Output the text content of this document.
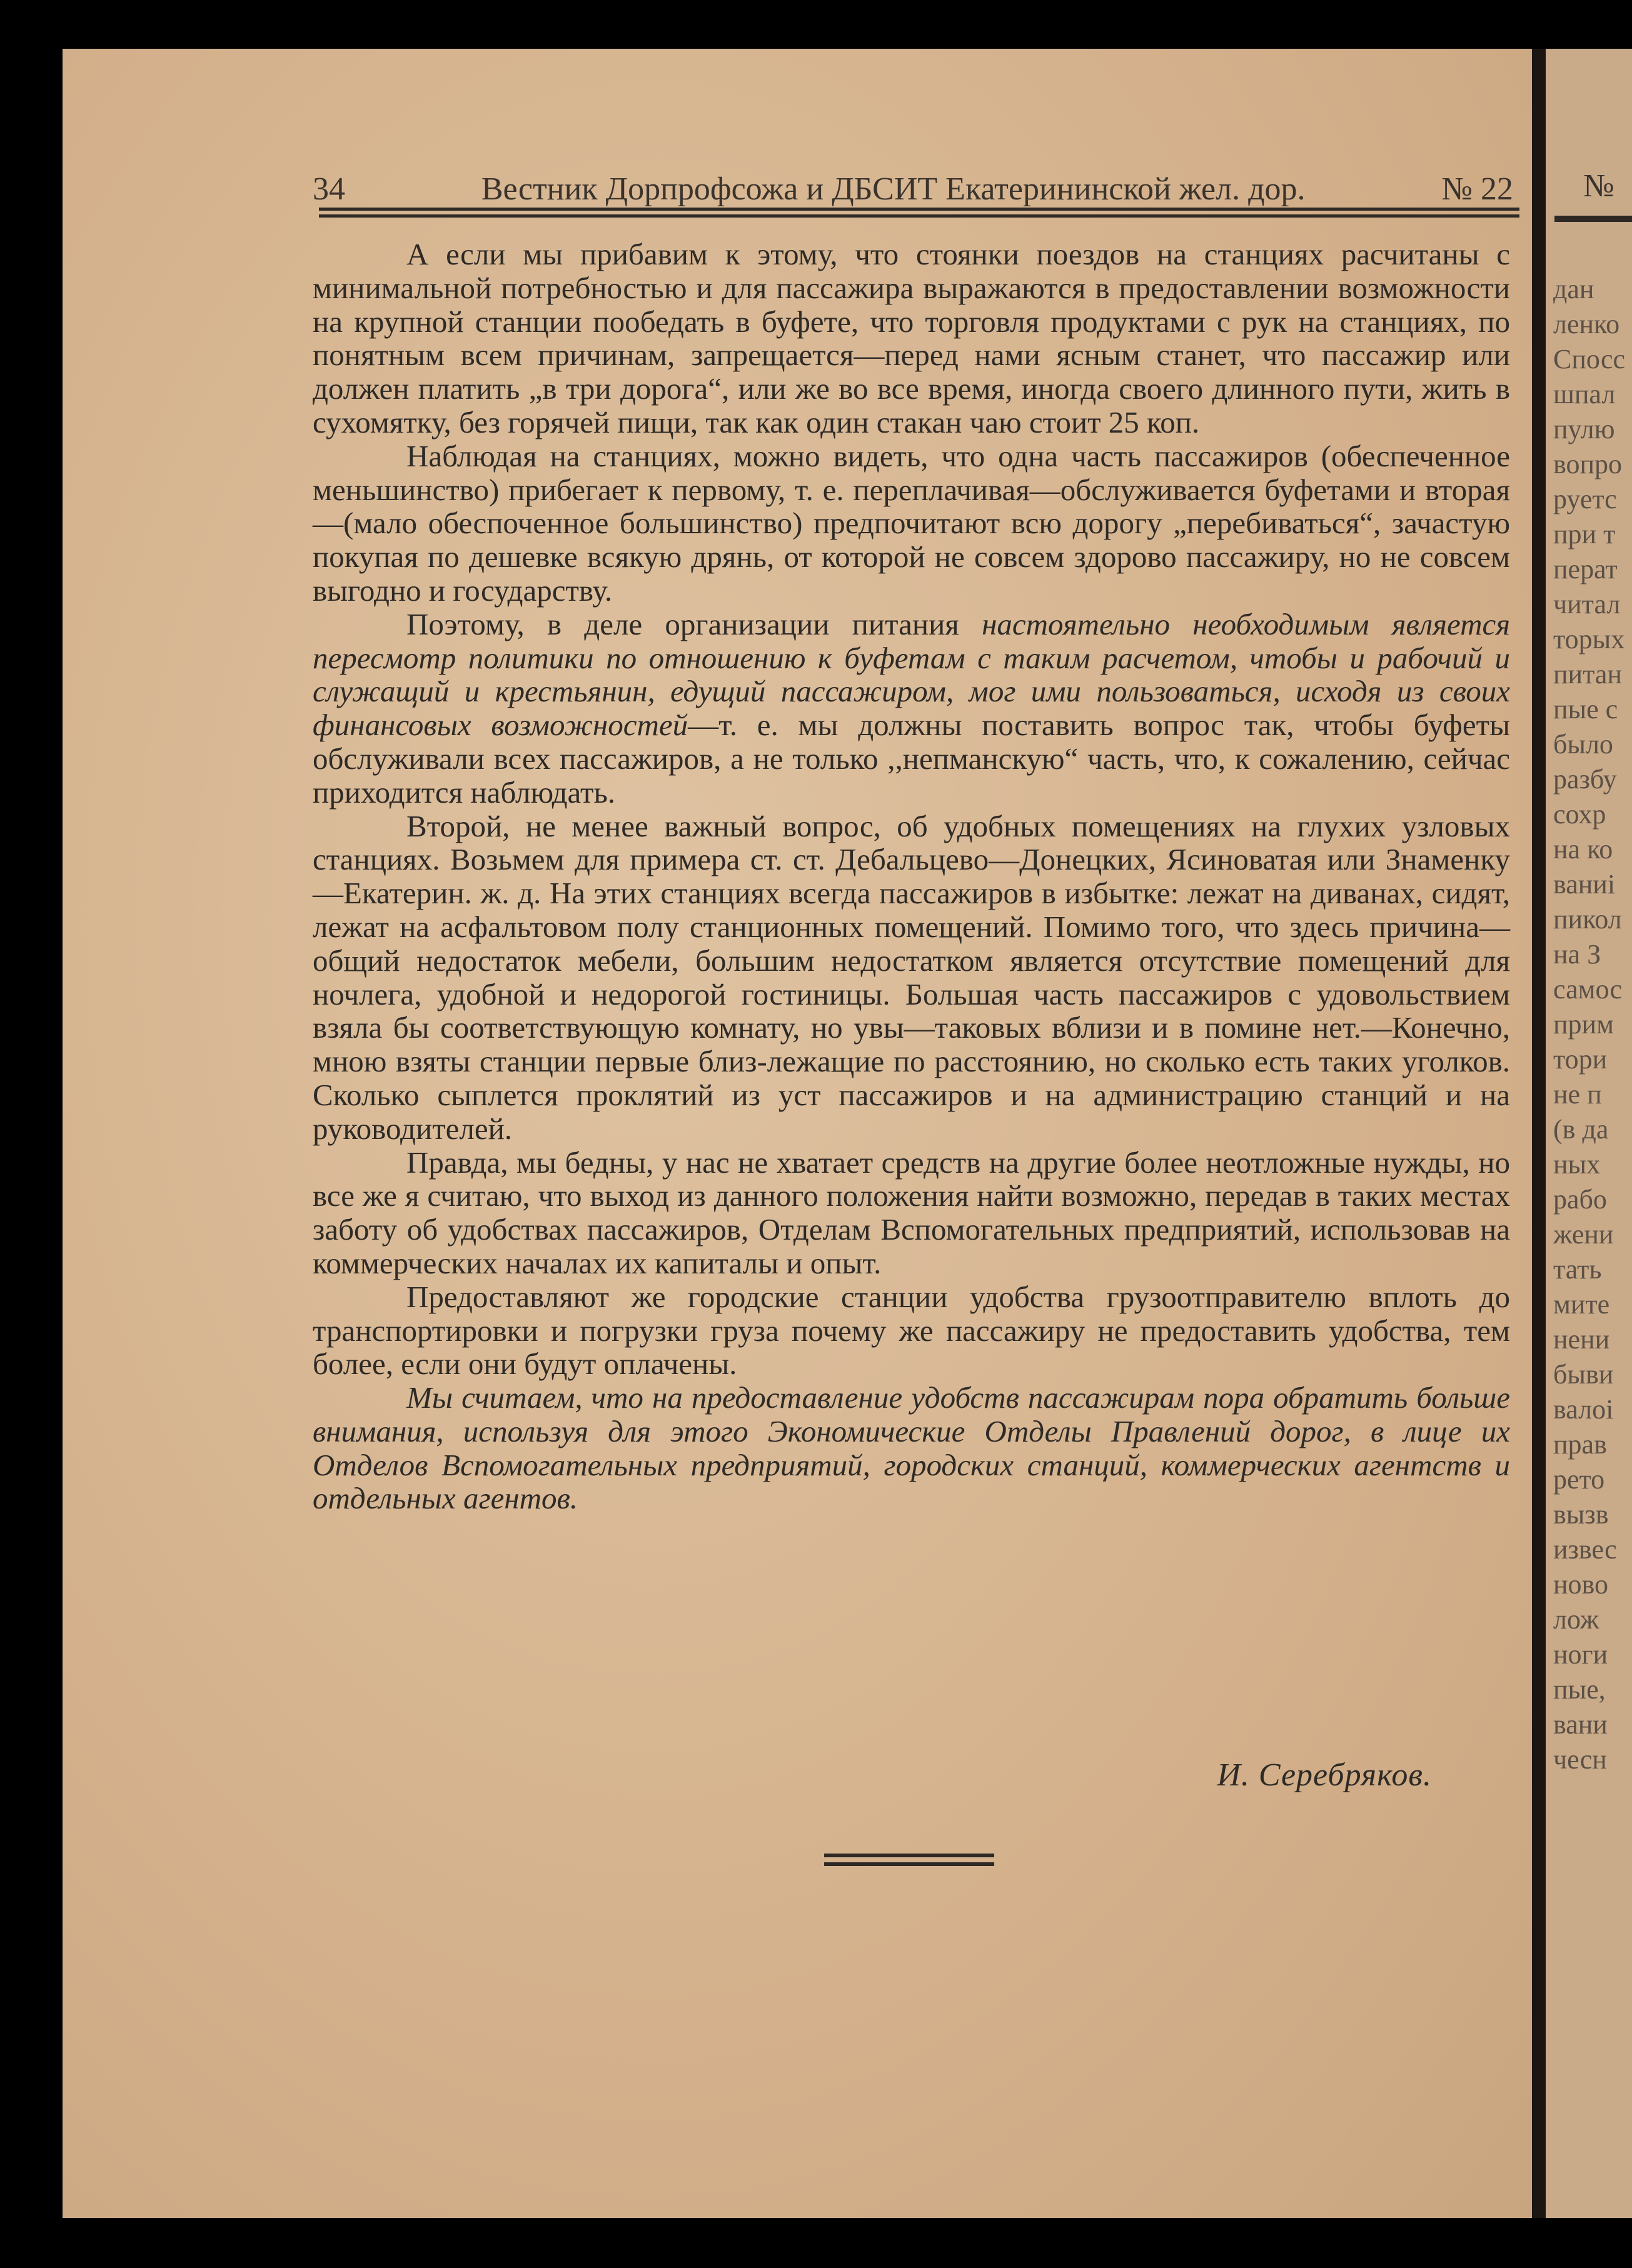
№
дан
ленко
Спосс
шпал
пулю
вопро
руетс
при т
перат
читал
торых
питан
пые с
было
разбу
сохр
на ко
ваниі
пикол
на З
самос
прим
тори
не п
(в да
ных
рабо
жени
тать
мите
нени
быви
валоі
прав
рето
вызв
извес
ново
лож
ноги
пые,
вани
чесн
34	Вестник Дорпрофсожа и ДБСИТ Екатерининской жел. дор.	№ 22

А если мы прибавим к этому, что стоянки поездов на станциях расчитаны с минимальной потребностью и для пассажира выражаются в предоставлении возможности на крупной станции пообедать в буфете, что торговля продуктами с рук на станциях, по понятным всем причинам, запрещается—перед нами ясным станет, что пассажир или должен платить „в три дорога“, или же во все время, иногда своего длинного пути, жить в сухомятку, без горячей пищи, так как один стакан чаю стоит 25 коп.

Наблюдая на станциях, можно видеть, что одна часть пассажиров (обеспеченное меньшинство) прибегает к первому, т. е. переплачивая—обслуживается буфетами и вторая—(мало обеспоченное большинство) предпочитают всю дорогу „перебиваться“, зачастую покупая по дешевке всякую дрянь, от которой не совсем здорово пассажиру, но не совсем выгодно и государству.

Поэтому, в деле организации питания настоятельно необходимым является пересмотр политики по отношению к буфетам с таким расчетом, чтобы и рабочий и служащий и крестьянин, едущий пассажиром, мог ими пользоваться, исходя из своих финансовых возможностей—т. е. мы должны поставить вопрос так, чтобы буфеты обслуживали всех пассажиров, а не только ,,непманскую“ часть, что, к сожалению, сейчас приходится наблюдать.

Второй, не менее важный вопрос, об удобных помещениях на глухих узловых станциях. Возьмем для примера ст. ст. Дебальцево—Донецких, Ясиноватая или Знаменку—Екатерин. ж. д. На этих станциях всегда пассажиров в избытке: лежат на диванах, сидят, лежат на асфальтовом полу станционных помещений. Помимо того, что здесь причина—общий недостаток мебели, большим недостатком является отсутствие помещений для ночлега, удобной и недорогой гостиницы. Большая часть пассажиров с удовольствием взяла бы соответствующую комнату, но увы—таковых вблизи и в помине нет.—Конечно, мною взяты станции первые близ-лежащие по расстоянию, но сколько есть таких уголков. Сколько сыплется проклятий из уст пассажиров и на администрацию станций и на руководителей.

Правда, мы бедны, у нас не хватает средств на другие более неотложные нужды, но все же я считаю, что выход из данного положения найти возможно, передав в таких местах заботу об удобствах пассажиров, Отделам Вспомогательных предприятий, использовав на коммерческих началах их капиталы и опыт.

Предоставляют же городские станции удобства грузоотправителю вплоть до транспортировки и погрузки груза почему же пассажиру не предоставить удобства, тем более, если они будут оплачены.

Мы считаем, что на предоставление удобств пассажирам пора обратить больше внимания, используя для этого Экономические Отделы Правлений дорог, в лице их Отделов Вспомогательных предприятий, городских станций, коммерческих агентств и отдельных агентов.

И. Серебряков.
